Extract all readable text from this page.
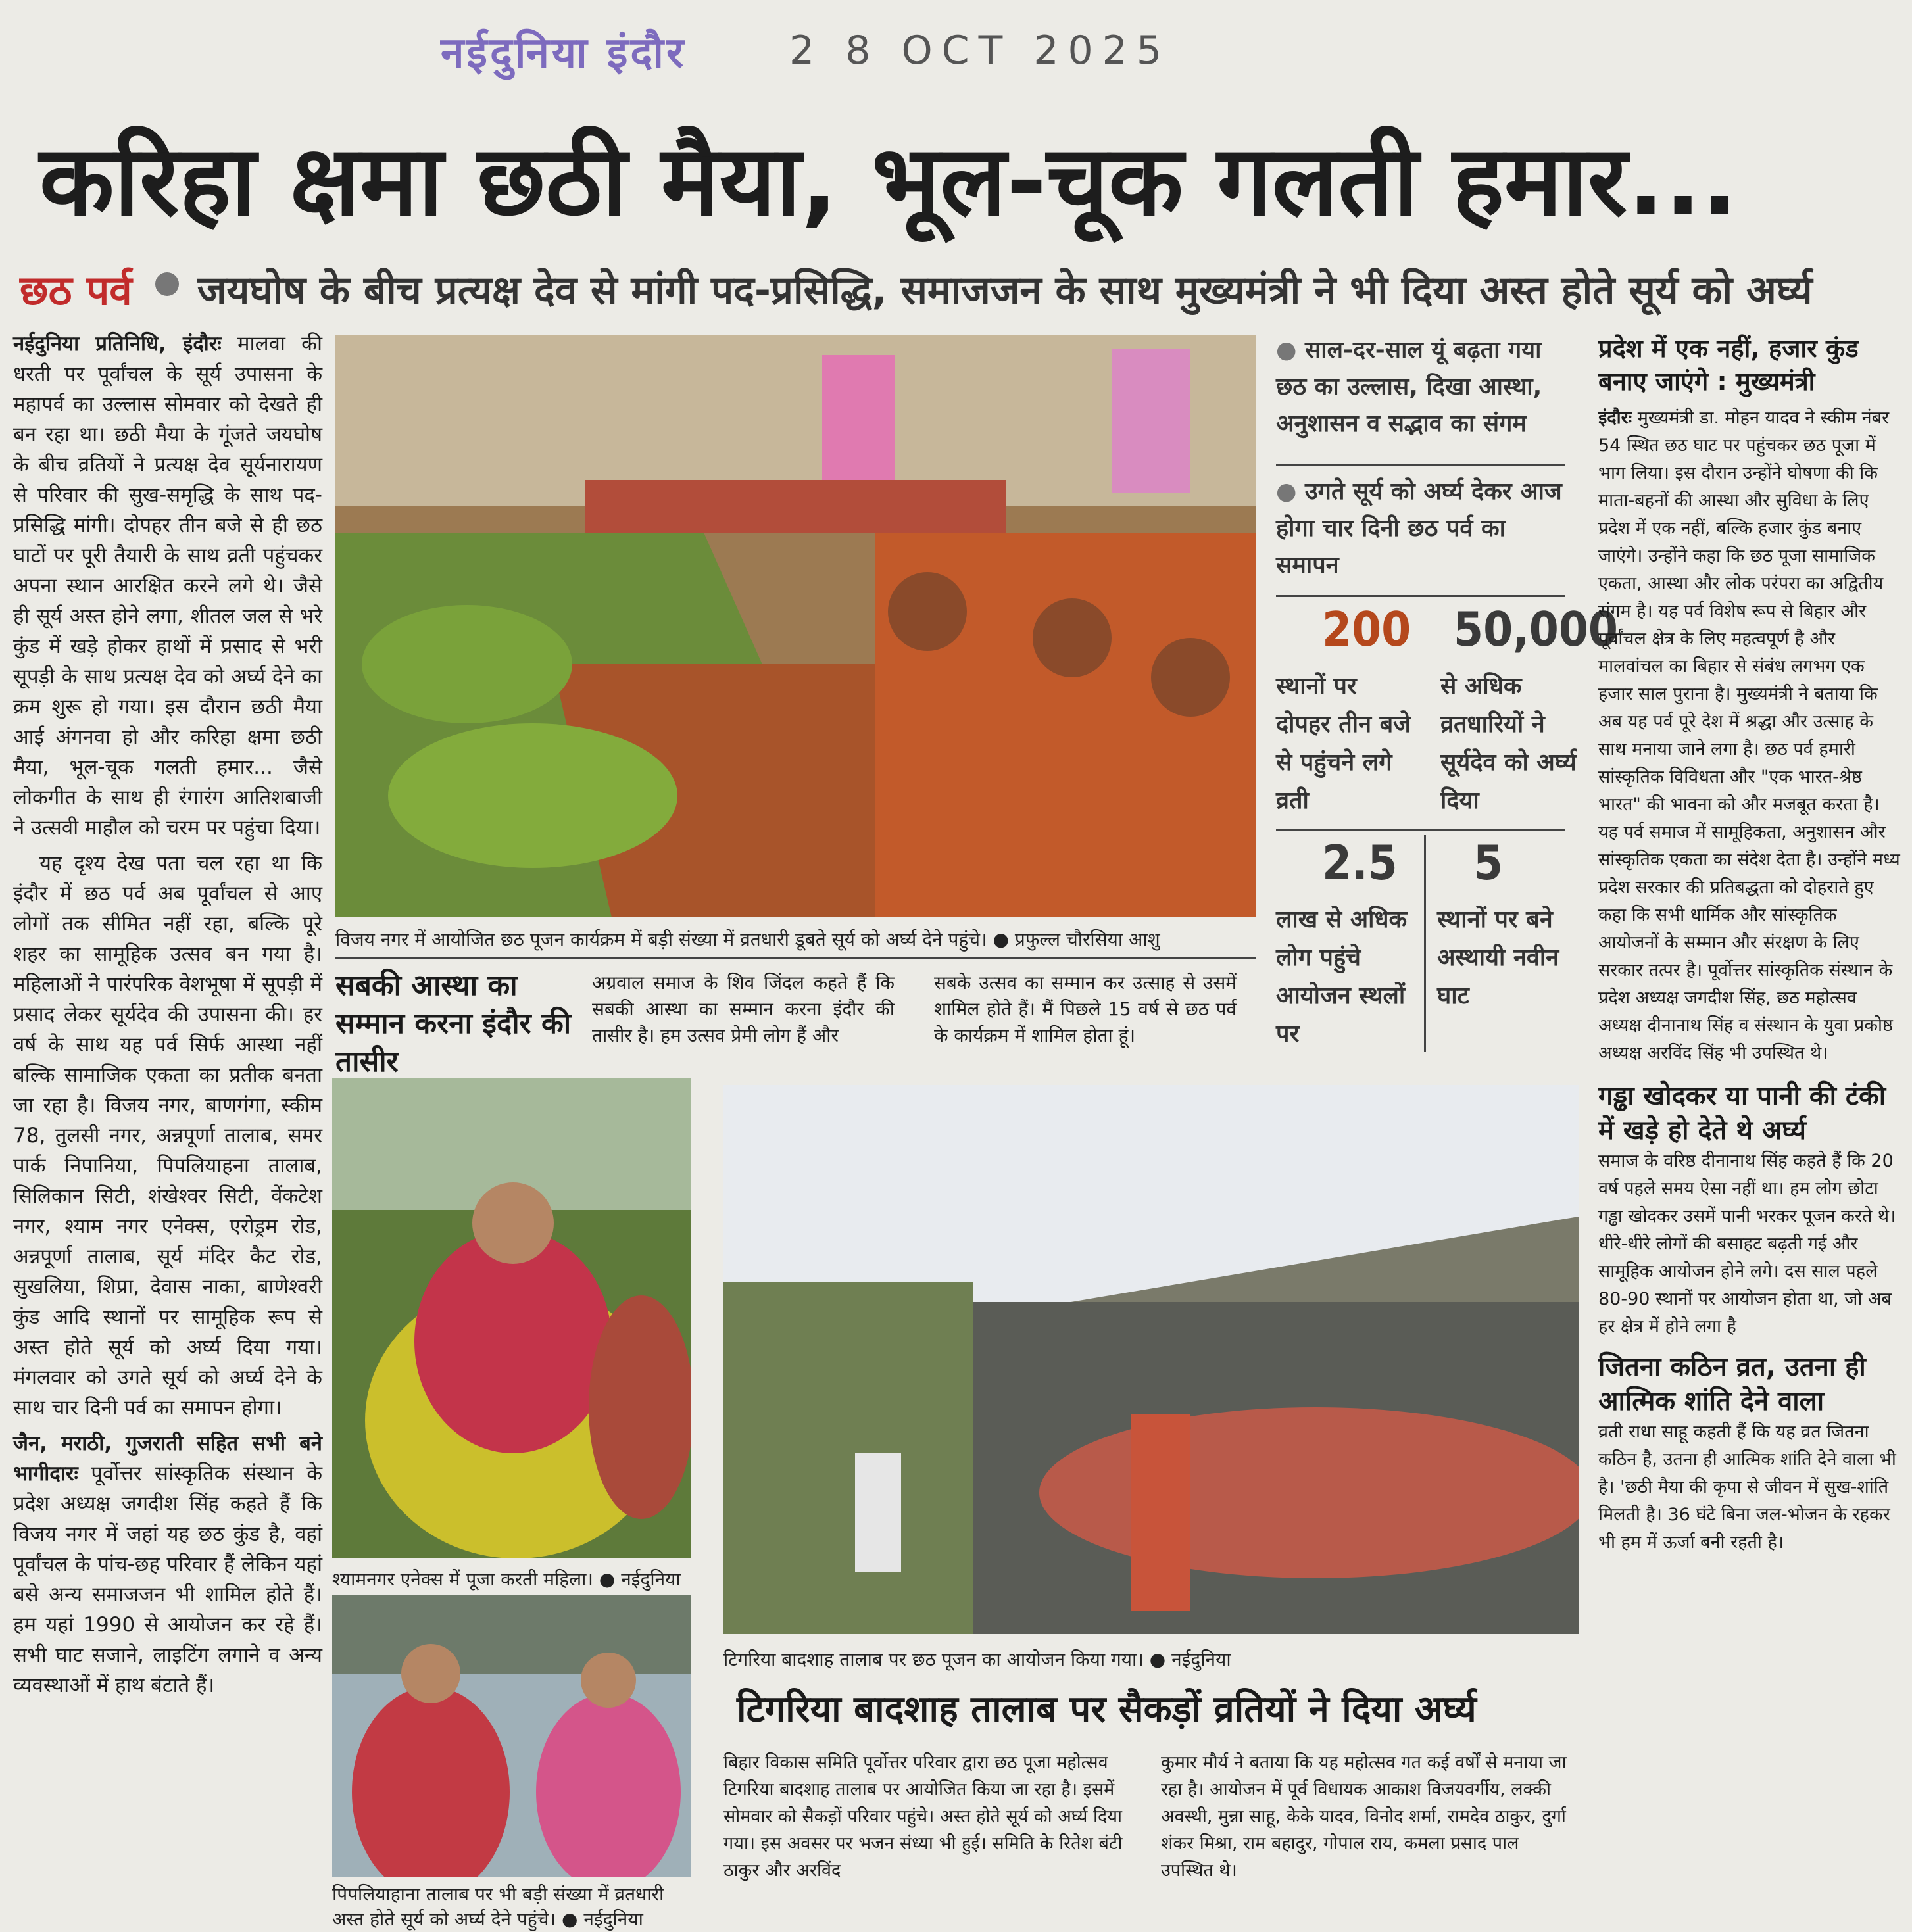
नईदुनिया इंदौर	2 8 OCT 2025
करिहा क्षमा छठी मैया, भूल-चूक गलती हमार...
छठ पर्व जयघोष के बीच प्रत्यक्ष देव से मांगी पद-प्रसिद्धि, समाजजन के साथ मुख्यमंत्री ने भी दिया अस्त होते सूर्य को अर्घ्य

नईदुनिया प्रतिनिधि, इंदौरः मालवा की धरती पर पूर्वांचल के सूर्य उपासना के महापर्व का उल्लास सोमवार को देखते ही बन रहा था। छठी मैया के गूंजते जयघोष के बीच व्रतियों ने प्रत्यक्ष देव सूर्यनारायण से परिवार की सुख-समृद्धि के साथ पद-प्रसिद्धि मांगी। दोपहर तीन बजे से ही छठ घाटों पर पूरी तैयारी के साथ व्रती पहुंचकर अपना स्थान आरक्षित करने लगे थे। जैसे ही सूर्य अस्त होने लगा, शीतल जल से भरे कुंड में खड़े होकर हाथों में प्रसाद से भरी सूपड़ी के साथ प्रत्यक्ष देव को अर्घ्य देने का क्रम शुरू हो गया। इस दौरान छठी मैया आई अंगनवा हो और करिहा क्षमा छठी मैया, भूल-चूक गलती हमार... जैसे लोकगीत के साथ ही रंगारंग आतिशबाजी ने उत्सवी माहौल को चरम पर पहुंचा दिया।

यह दृश्य देख पता चल रहा था कि इंदौर में छठ पर्व अब पूर्वांचल से आए लोगों तक सीमित नहीं रहा, बल्कि पूरे शहर का सामूहिक उत्सव बन गया है। महिलाओं ने पारंपरिक वेशभूषा में सूपड़ी में प्रसाद लेकर सूर्यदेव की उपासना की। हर वर्ष के साथ यह पर्व सिर्फ आस्था नहीं बल्कि सामाजिक एकता का प्रतीक बनता जा रहा है। विजय नगर, बाणगंगा, स्कीम 78, तुलसी नगर, अन्नपूर्णा तालाब, समर पार्क निपानिया, पिपलियाहना तालाब, सिलिकान सिटी, शंखेश्वर सिटी, वेंकटेश नगर, श्याम नगर एनेक्स, एरोड्रम रोड, अन्नपूर्णा तालाब, सूर्य मंदिर कैट रोड, सुखलिया, शिप्रा, देवास नाका, बाणेश्वरी कुंड आदि स्थानों पर सामूहिक रूप से अस्त होते सूर्य को अर्घ्य दिया गया। मंगलवार को उगते सूर्य को अर्घ्य देने के साथ चार दिनी पर्व का समापन होगा।

जैन, मराठी, गुजराती सहित सभी बने भागीदारः पूर्वोत्तर सांस्कृतिक संस्थान के प्रदेश अध्यक्ष जगदीश सिंह कहते हैं कि विजय नगर में जहां यह छठ कुंड है, वहां पूर्वांचल के पांच-छह परिवार हैं लेकिन यहां बसे अन्य समाजजन भी शामिल होते हैं। हम यहां 1990 से आयोजन कर रहे हैं। सभी घाट सजाने, लाइटिंग लगाने व अन्य व्यवस्थाओं में हाथ बंटाते हैं।

विजय नगर में आयोजित छठ पूजन कार्यक्रम में बड़ी संख्या में व्रतधारी डूबते सूर्य को अर्घ्य देने पहुंचे। ● प्रफुल्ल चौरसिया आशु
सबकी आस्था का सम्मान करना इंदौर की तासीर
अग्रवाल समाज के शिव जिंदल कहते हैं कि सबकी आस्था का सम्मान करना इंदौर की तासीर है। हम उत्सव प्रेमी लोग हैं और
सबके उत्सव का सम्मान कर उत्साह से उसमें शामिल होते हैं। मैं पिछले 15 वर्ष से छठ पर्व के कार्यक्रम में शामिल होता हूं।
● साल-दर-साल यूं बढ़ता गया छठ का उल्लास, दिखा आस्था, अनुशासन व सद्भाव का संगम
● उगते सूर्य को अर्घ्य देकर आज होगा चार दिनी छठ पर्व का समापन
200
स्थानों पर दोपहर तीन बजे से पहुंचने लगे व्रती
50,000
से अधिक व्रतधारियों ने सूर्यदेव को अर्घ्य दिया
2.5
लाख से अधिक लोग पहुंचे आयोजन स्थलों पर
5
स्थानों पर बने अस्थायी नवीन घाट
प्रदेश में एक नहीं, हजार कुंड बनाए जाएंगे : मुख्यमंत्री
इंदौरः मुख्यमंत्री डा. मोहन यादव ने स्कीम नंबर 54 स्थित छठ घाट पर पहुंचकर छठ पूजा में भाग लिया। इस दौरान उन्होंने घोषणा की कि माता-बहनों की आस्था और सुविधा के लिए प्रदेश में एक नहीं, बल्कि हजार कुंड बनाए जाएंगे। उन्होंने कहा कि छठ पूजा सामाजिक एकता, आस्था और लोक परंपरा का अद्वितीय संगम है। यह पर्व विशेष रूप से बिहार और पूर्वांचल क्षेत्र के लिए महत्वपूर्ण है और मालवांचल का बिहार से संबंध लगभग एक हजार साल पुराना है। मुख्यमंत्री ने बताया कि अब यह पर्व पूरे देश में श्रद्धा और उत्साह के साथ मनाया जाने लगा है। छठ पर्व हमारी सांस्कृतिक विविधता और "एक भारत-श्रेष्ठ भारत" की भावना को और मजबूत करता है। यह पर्व समाज में सामूहिकता, अनुशासन और सांस्कृतिक एकता का संदेश देता है। उन्होंने मध्य प्रदेश सरकार की प्रतिबद्धता को दोहराते हुए कहा कि सभी धार्मिक और सांस्कृतिक आयोजनों के सम्मान और संरक्षण के लिए सरकार तत्पर है। पूर्वोत्तर सांस्कृतिक संस्थान के प्रदेश अध्यक्ष जगदीश सिंह, छठ महोत्सव अध्यक्ष दीनानाथ सिंह व संस्थान के युवा प्रकोष्ठ अध्यक्ष अरविंद सिंह भी उपस्थित थे।
गड्ढा खोदकर या पानी की टंकी में खड़े हो देते थे अर्घ्य
समाज के वरिष्ठ दीनानाथ सिंह कहते हैं कि 20 वर्ष पहले समय ऐसा नहीं था। हम लोग छोटा गड्ढा खोदकर उसमें पानी भरकर पूजन करते थे। धीरे-धीरे लोगों की बसाहट बढ़ती गई और सामूहिक आयोजन होने लगे। दस साल पहले 80-90 स्थानों पर आयोजन होता था, जो अब हर क्षेत्र में होने लगा है
जितना कठिन व्रत, उतना ही आत्मिक शांति देने वाला
व्रती राधा साहू कहती हैं कि यह व्रत जितना कठिन है, उतना ही आत्मिक शांति देने वाला भी है। 'छठी मैया की कृपा से जीवन में सुख-शांति मिलती है। 36 घंटे बिना जल-भोजन के रहकर भी हम में ऊर्जा बनी रहती है।
श्यामनगर एनेक्स में पूजा करती महिला। ● नईदुनिया
पिपलियाहाना तालाब पर भी बड़ी संख्या में व्रतधारी अस्त होते सूर्य को अर्घ्य देने पहुंचे। ● नईदुनिया
टिगरिया बादशाह तालाब पर छठ पूजन का आयोजन किया गया। ● नईदुनिया
टिगरिया बादशाह तालाब पर सैकड़ों व्रतियों ने दिया अर्घ्य
बिहार विकास समिति पूर्वोत्तर परिवार द्वारा छठ पूजा महोत्सव टिगरिया बादशाह तालाब पर आयोजित किया जा रहा है। इसमें सोमवार को सैकड़ों परिवार पहुंचे। अस्त होते सूर्य को अर्घ्य दिया गया। इस अवसर पर भजन संध्या भी हुई। समिति के रितेश बंटी ठाकुर और अरविंद
कुमार मौर्य ने बताया कि यह महोत्सव गत कई वर्षों से मनाया जा रहा है। आयोजन में पूर्व विधायक आकाश विजयवर्गीय, लक्की अवस्थी, मुन्ना साहू, केके यादव, विनोद शर्मा, रामदेव ठाकुर, दुर्गा शंकर मिश्रा, राम बहादुर, गोपाल राय, कमला प्रसाद पाल उपस्थित थे।
